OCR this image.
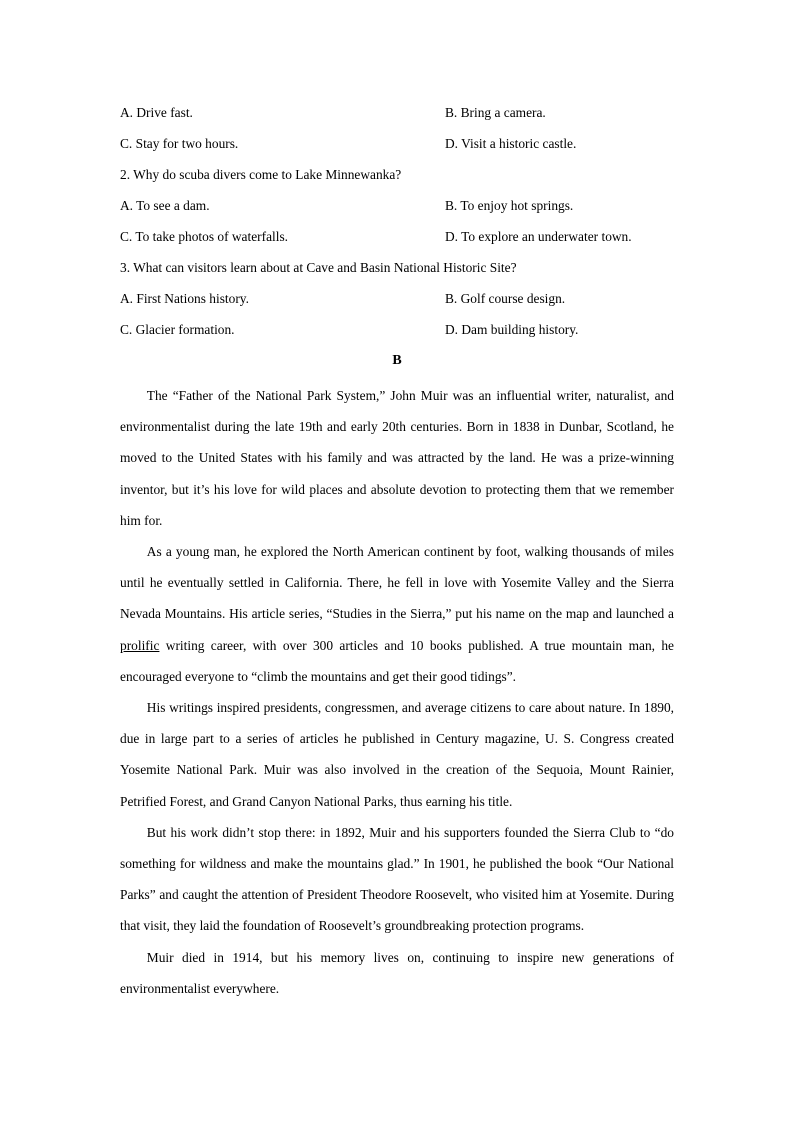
A. Drive fast.	B. Bring a camera.
C. Stay for two hours.	D. Visit a historic castle.
2. Why do scuba divers come to Lake Minnewanka?
A. To see a dam.	B. To enjoy hot springs.
C. To take photos of waterfalls.	D. To explore an underwater town.
3. What can visitors learn about at Cave and Basin National Historic Site?
A. First Nations history.	B. Golf course design.
C. Glacier formation.	D. Dam building history.
B

The “Father of the National Park System,” John Muir was an influential writer, naturalist, and environmentalist during the late 19th and early 20th centuries. Born in 1838 in Dunbar, Scotland, he moved to the United States with his family and was attracted by the land. He was a prize-winning inventor, but it’s his love for wild places and absolute devotion to protecting them that we remember him for.

As a young man, he explored the North American continent by foot, walking thousands of miles until he eventually settled in California. There, he fell in love with Yosemite Valley and the Sierra Nevada Mountains. His article series, “Studies in the Sierra,” put his name on the map and launched a prolific writing career, with over 300 articles and 10 books published. A true mountain man, he encouraged everyone to “climb the mountains and get their good tidings”.

His writings inspired presidents, congressmen, and average citizens to care about nature. In 1890, due in large part to a series of articles he published in Century magazine, U. S. Congress created Yosemite National Park. Muir was also involved in the creation of the Sequoia, Mount Rainier, Petrified Forest, and Grand Canyon National Parks, thus earning his title.

But his work didn’t stop there: in 1892, Muir and his supporters founded the Sierra Club to “do something for wildness and make the mountains glad.” In 1901, he published the book “Our National Parks” and caught the attention of President Theodore Roosevelt, who visited him at Yosemite. During that visit, they laid the foundation of Roosevelt’s groundbreaking protection programs.

Muir died in 1914, but his memory lives on, continuing to inspire new generations of environmentalist everywhere.
